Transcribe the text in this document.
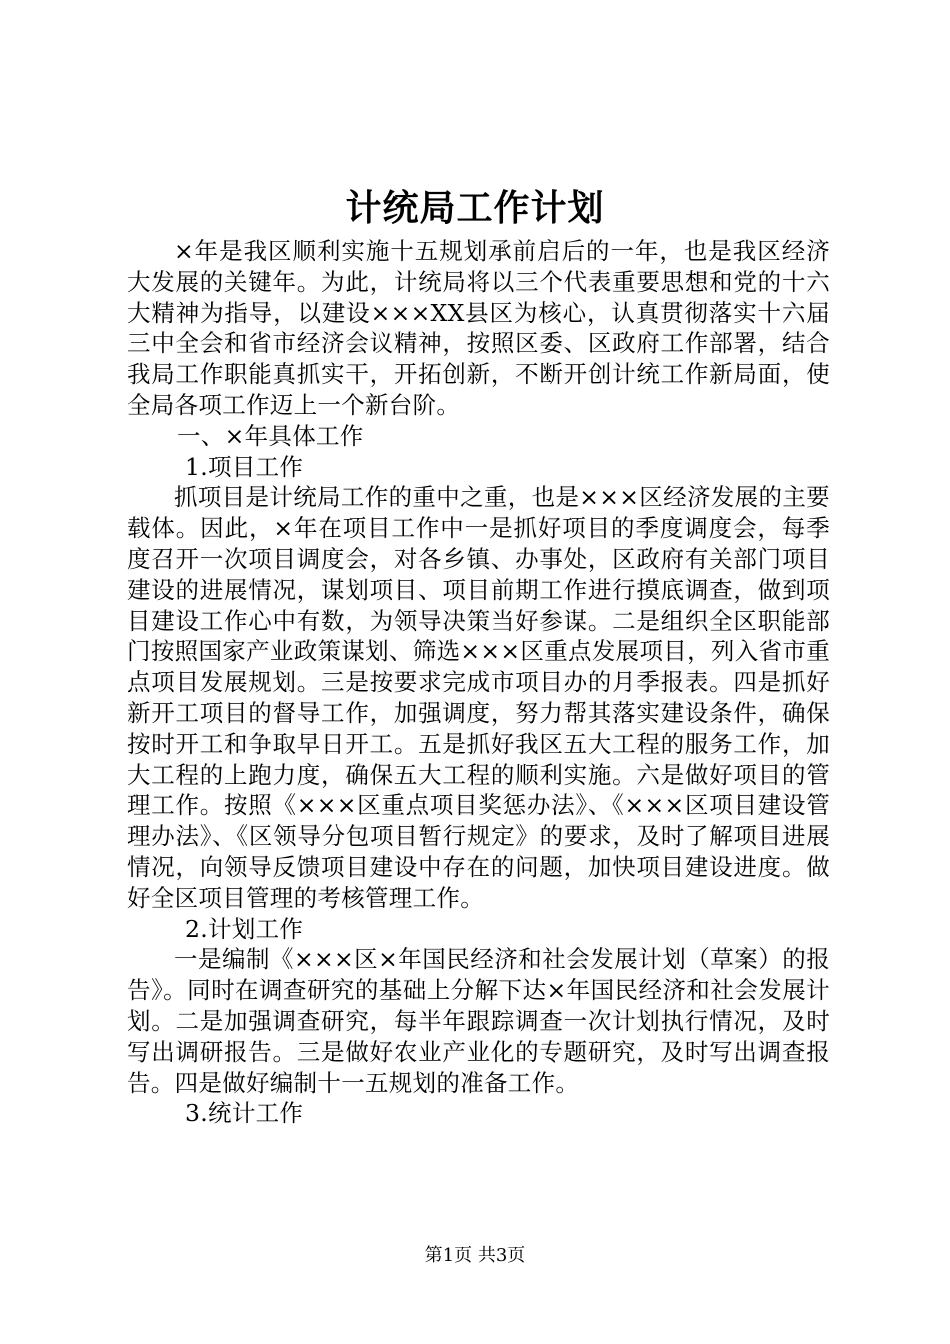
计统局工作计划

×年是我区顺利实施十五规划承前启后的一年，也是我区经济大发展的关键年。为此，计统局将以三个代表重要思想和党的十六大精神为指导，以建设×××XX县区为核心，认真贯彻落实十六届三中全会和省市经济会议精神，按照区委、区政府工作部署，结合我局工作职能真抓实干，开拓创新，不断开创计统工作新局面，使全局各项工作迈上一个新台阶。

一、×年具体工作

1.项目工作

抓项目是计统局工作的重中之重，也是×××区经济发展的主要载体。因此，×年在项目工作中一是抓好项目的季度调度会，每季度召开一次项目调度会，对各乡镇、办事处，区政府有关部门项目建设的进展情况，谋划项目、项目前期工作进行摸底调查，做到项目建设工作心中有数，为领导决策当好参谋。二是组织全区职能部门按照国家产业政策谋划、筛选×××区重点发展项目，列入省市重点项目发展规划。三是按要求完成市项目办的月季报表。四是抓好新开工项目的督导工作，加强调度，努力帮其落实建设条件，确保按时开工和争取早日开工。五是抓好我区五大工程的服务工作，加大工程的上跑力度，确保五大工程的顺利实施。六是做好项目的管理工作。按照《×××区重点项目奖惩办法》、《×××区项目建设管理办法》、《区领导分包项目暂行规定》的要求，及时了解项目进展情况，向领导反馈项目建设中存在的问题，加快项目建设进度。做好全区项目管理的考核管理工作。

2.计划工作

一是编制《×××区×年国民经济和社会发展计划（草案）的报告》。同时在调查研究的基础上分解下达×年国民经济和社会发展计划。二是加强调查研究，每半年跟踪调查一次计划执行情况，及时写出调研报告。三是做好农业产业化的专题研究，及时写出调查报告。四是做好编制十一五规划的准备工作。

3.统计工作

第1页 共3页
